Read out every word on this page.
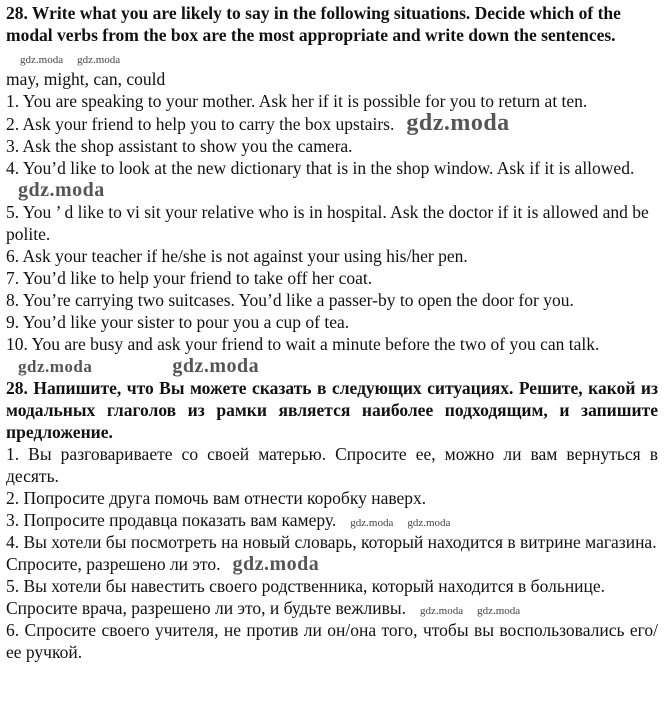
28. Write what you are likely to say in the following situations. Decide which of the modal verbs from the box are the most appropriate and write down the sentences.gdz.moda gdz.moda

may, might, can, could

1. You are speaking to your mother. Ask her if it is possible for you to return at ten.

2. Ask your friend to help you to carry the box upstairs. gdz.moda

3. Ask the shop assistant to show you the camera.

4. You’d like to look at the new dictionary that is in the shop window. Ask if it is allowed.gdz.moda

5. You ’ d like to vi sit your relative who is in hospital. Ask the doctor if it is allowed and be polite.

6. Ask your teacher if he/she is not against your using his/her pen.

7. You’d like to help your friend to take off her coat.

8. You’re carrying two suitcases. You’d like a passer-by to open the door for you.

9. You’d like your sister to pour you a cup of tea.

10. You are busy and ask your friend to wait a minute before the two of you can talk.gdz.moda	gdz.moda

28. Напишите, что Вы можете сказать в следующих ситуациях. Решите, какой из модальных глаголов из рамки является наиболее подходящим, и запишите предложение.

1. Вы разговариваете со своей матерью. Спросите ее, можно ли вам вернуться в десять.

2. Попросите друга помочь вам отнести коробку наверх.

3. Попросите продавца показать вам камеру. gdz.moda gdz.moda

4. Вы хотели бы посмотреть на новый словарь, который находится в витрине магазина. Спросите, разрешено ли это. gdz.moda

5. Вы хотели бы навестить своего родственника, который находится в больнице. Спросите врача, разрешено ли это, и будьте вежливы. gdz.moda gdz.moda

6. Спросите своего учителя, не против ли он/она того, чтобы вы воспользовались его/ее ручкой.
